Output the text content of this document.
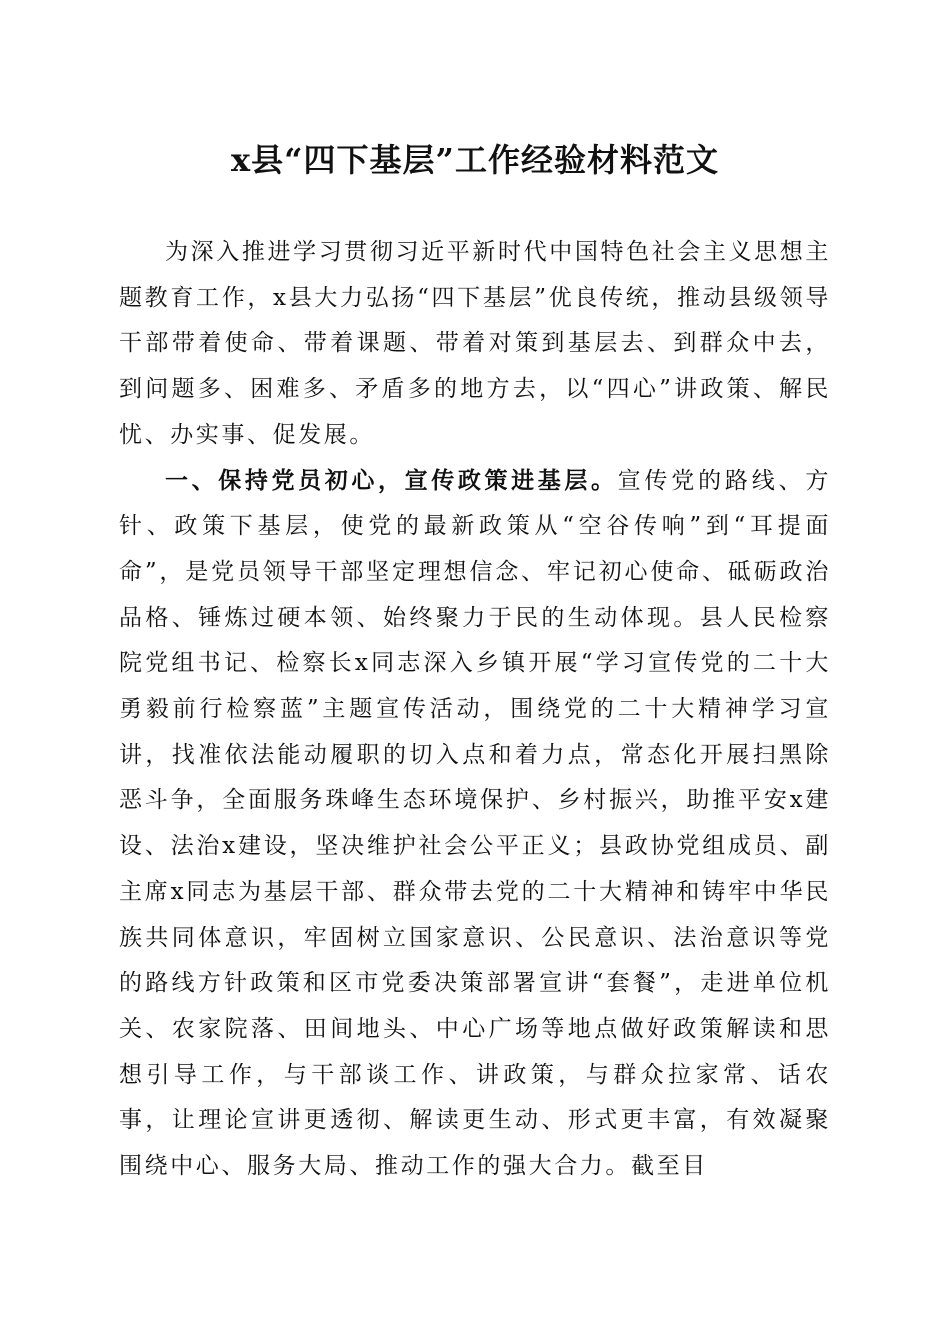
x县“四下基层”工作经验材料范文

为深入推进学习贯彻习近平新时代中国特色社会主义思想主题教育工作，x县大力弘扬“四下基层”优良传统，推动县级领导干部带着使命、带着课题、带着对策到基层去、到群众中去，到问题多、困难多、矛盾多的地方去，以“四心”讲政策、解民忧、办实事、促发展。

一、保持党员初心，宣传政策进基层。宣传党的路线、方针、政策下基层，使党的最新政策从“空谷传响”到“耳提面命”，是党员领导干部坚定理想信念、牢记初心使命、砥砺政治品格、锤炼过硬本领、始终聚力于民的生动体现。县人民检察院党组书记、检察长x同志深入乡镇开展“学习宣传党的二十大勇毅前行检察蓝”主题宣传活动，围绕党的二十大精神学习宣讲，找准依法能动履职的切入点和着力点，常态化开展扫黑除恶斗争，全面服务珠峰生态环境保护、乡村振兴，助推平安x建设、法治x建设，坚决维护社会公平正义；县政协党组成员、副主席x同志为基层干部、群众带去党的二十大精神和铸牢中华民族共同体意识，牢固树立国家意识、公民意识、法治意识等党的路线方针政策和区市党委决策部署宣讲“套餐”，走进单位机关、农家院落、田间地头、中心广场等地点做好政策解读和思想引导工作，与干部谈工作、讲政策，与群众拉家常、话农事，让理论宣讲更透彻、解读更生动、形式更丰富，有效凝聚围绕中心、服务大局、推动工作的强大合力。截至目
